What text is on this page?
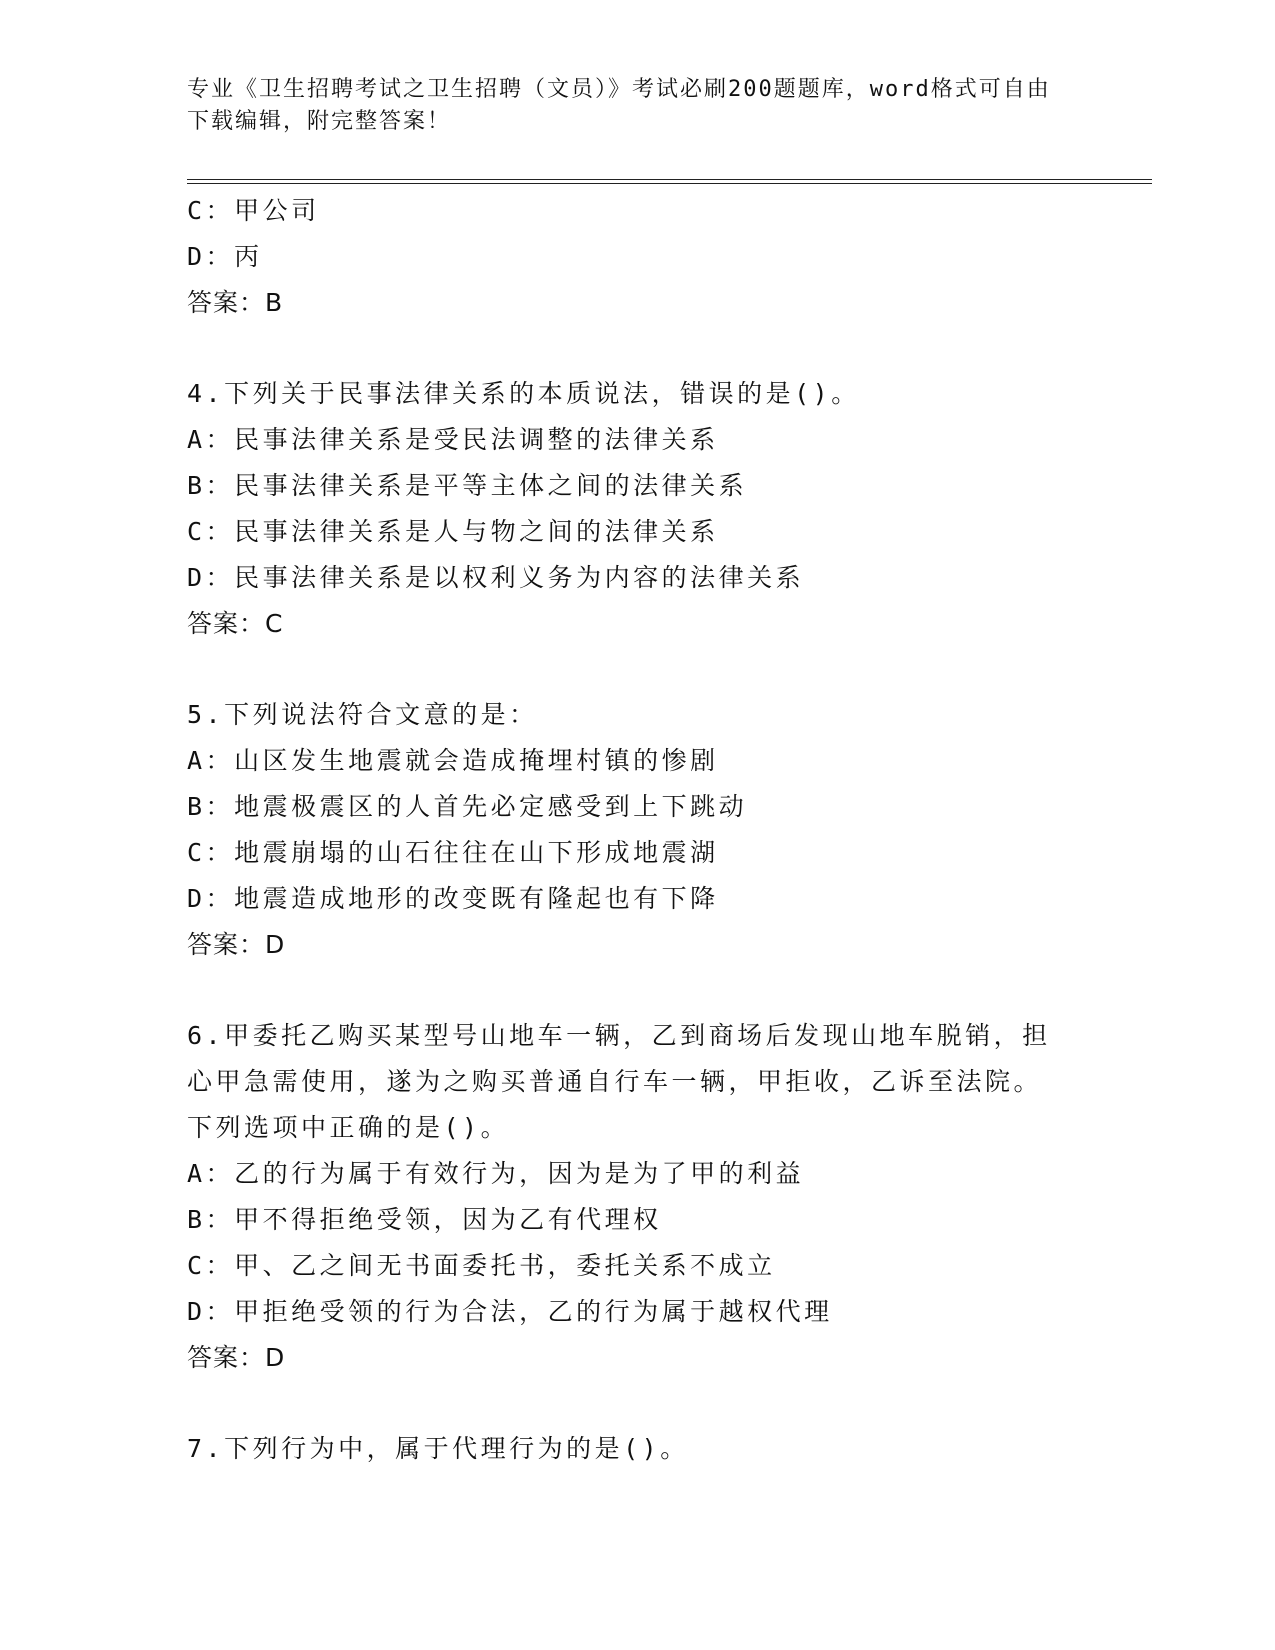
专业《卫生招聘考试之卫生招聘（文员）》考试必刷200题题库，word格式可自由下载编辑，附完整答案！
C：甲公司
D：丙
答案：B
4.下列关于民事法律关系的本质说法，错误的是()。
A：民事法律关系是受民法调整的法律关系
B：民事法律关系是平等主体之间的法律关系
C：民事法律关系是人与物之间的法律关系
D：民事法律关系是以权利义务为内容的法律关系
答案：C
5.下列说法符合文意的是：
A：山区发生地震就会造成掩埋村镇的惨剧
B：地震极震区的人首先必定感受到上下跳动
C：地震崩塌的山石往往在山下形成地震湖
D：地震造成地形的改变既有隆起也有下降
答案：D
6.甲委托乙购买某型号山地车一辆，乙到商场后发现山地车脱销，担
心甲急需使用，遂为之购买普通自行车一辆，甲拒收，乙诉至法院。
下列选项中正确的是()。
A：乙的行为属于有效行为，因为是为了甲的利益
B：甲不得拒绝受领，因为乙有代理权
C：甲、乙之间无书面委托书，委托关系不成立
D：甲拒绝受领的行为合法，乙的行为属于越权代理
答案：D
7.下列行为中，属于代理行为的是()。
